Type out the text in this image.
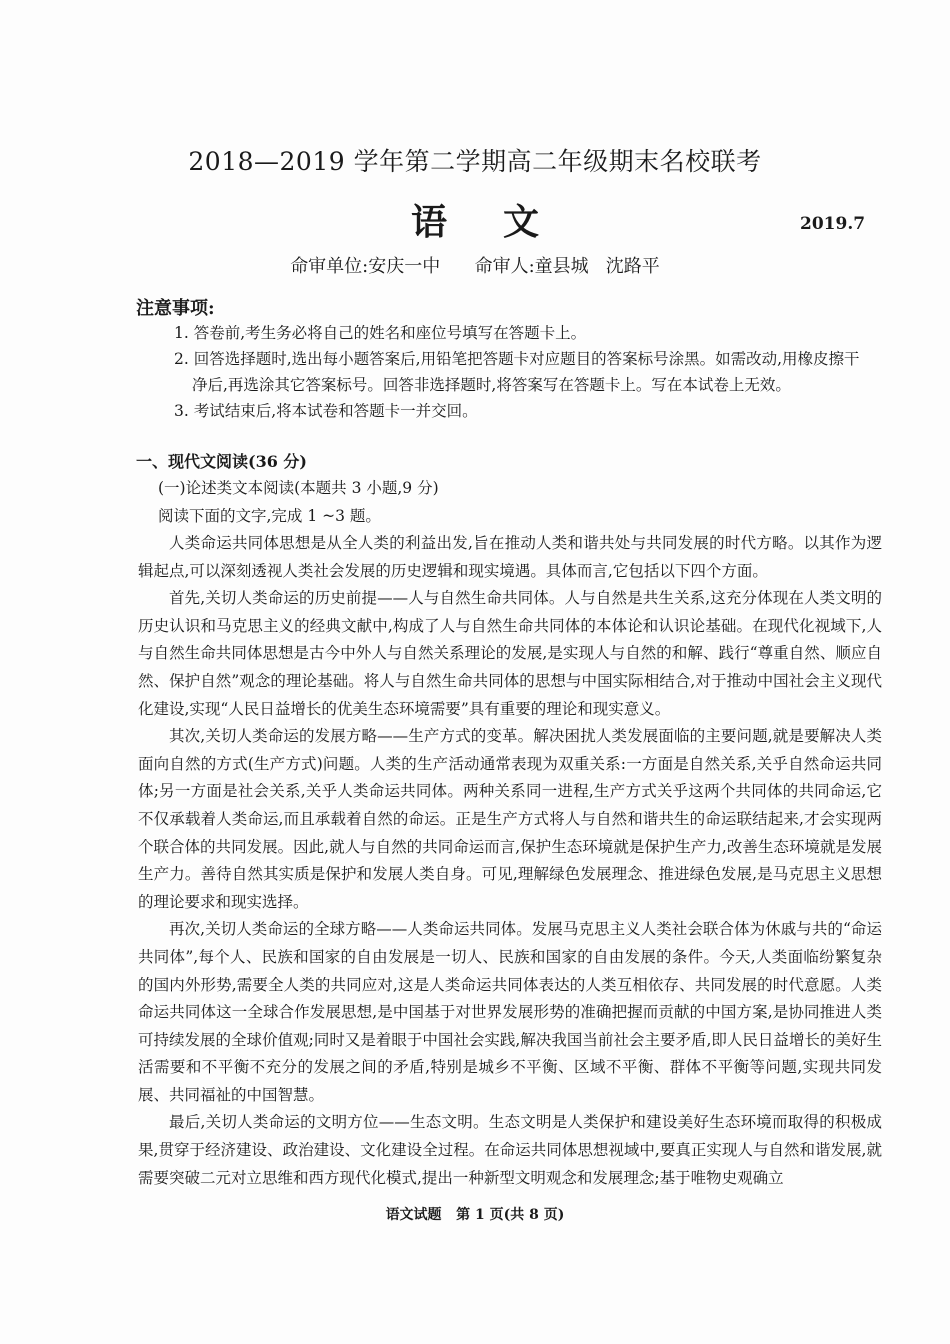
2018—2019 学年第二学期高二年级期末名校联考
语文	2019.7
命审单位:安庆一中      命审人:童县城   沈路平
注意事项:

1. 答卷前,考生务必将自己的姓名和座位号填写在答题卡上。

2. 回答选择题时,选出每小题答案后,用铅笔把答题卡对应题目的答案标号涂黑。如需改动,用橡皮擦干净后,再选涂其它答案标号。回答非选择题时,将答案写在答题卡上。写在本试卷上无效。

3. 考试结束后,将本试卷和答题卡一并交回。

一、现代文阅读(36 分)
(一)论述类文本阅读(本题共 3 小题,9 分)
阅读下面的文字,完成 1 ~3 题。

人类命运共同体思想是从全人类的利益出发,旨在推动人类和谐共处与共同发展的时代方略。以其作为逻辑起点,可以深刻透视人类社会发展的历史逻辑和现实境遇。具体而言,它包括以下四个方面。

首先,关切人类命运的历史前提——人与自然生命共同体。人与自然是共生关系,这充分体现在人类文明的历史认识和马克思主义的经典文献中,构成了人与自然生命共同体的本体论和认识论基础。在现代化视域下,人与自然生命共同体思想是古今中外人与自然关系理论的发展,是实现人与自然的和解、践行“尊重自然、顺应自然、保护自然”观念的理论基础。将人与自然生命共同体的思想与中国实际相结合,对于推动中国社会主义现代化建设,实现“人民日益增长的优美生态环境需要”具有重要的理论和现实意义。

其次,关切人类命运的发展方略——生产方式的变革。解决困扰人类发展面临的主要问题,就是要解决人类面向自然的方式(生产方式)问题。人类的生产活动通常表现为双重关系:一方面是自然关系,关乎自然命运共同体;另一方面是社会关系,关乎人类命运共同体。两种关系同一进程,生产方式关乎这两个共同体的共同命运,它不仅承载着人类命运,而且承载着自然的命运。正是生产方式将人与自然和谐共生的命运联结起来,才会实现两个联合体的共同发展。因此,就人与自然的共同命运而言,保护生态环境就是保护生产力,改善生态环境就是发展生产力。善待自然其实质是保护和发展人类自身。可见,理解绿色发展理念、推进绿色发展,是马克思主义思想的理论要求和现实选择。

再次,关切人类命运的全球方略——人类命运共同体。发展马克思主义人类社会联合体为休戚与共的“命运共同体”,每个人、民族和国家的自由发展是一切人、民族和国家的自由发展的条件。今天,人类面临纷繁复杂的国内外形势,需要全人类的共同应对,这是人类命运共同体表达的人类互相依存、共同发展的时代意愿。人类命运共同体这一全球合作发展思想,是中国基于对世界发展形势的准确把握而贡献的中国方案,是协同推进人类可持续发展的全球价值观;同时又是着眼于中国社会实践,解决我国当前社会主要矛盾,即人民日益增长的美好生活需要和不平衡不充分的发展之间的矛盾,特别是城乡不平衡、区域不平衡、群体不平衡等问题,实现共同发展、共同福祉的中国智慧。

最后,关切人类命运的文明方位——生态文明。生态文明是人类保护和建设美好生态环境而取得的积极成果,贯穿于经济建设、政治建设、文化建设全过程。在命运共同体思想视域中,要真正实现人与自然和谐发展,就需要突破二元对立思维和西方现代化模式,提出一种新型文明观念和发展理念;基于唯物史观确立

语文试题   第 1 页(共 8 页)
